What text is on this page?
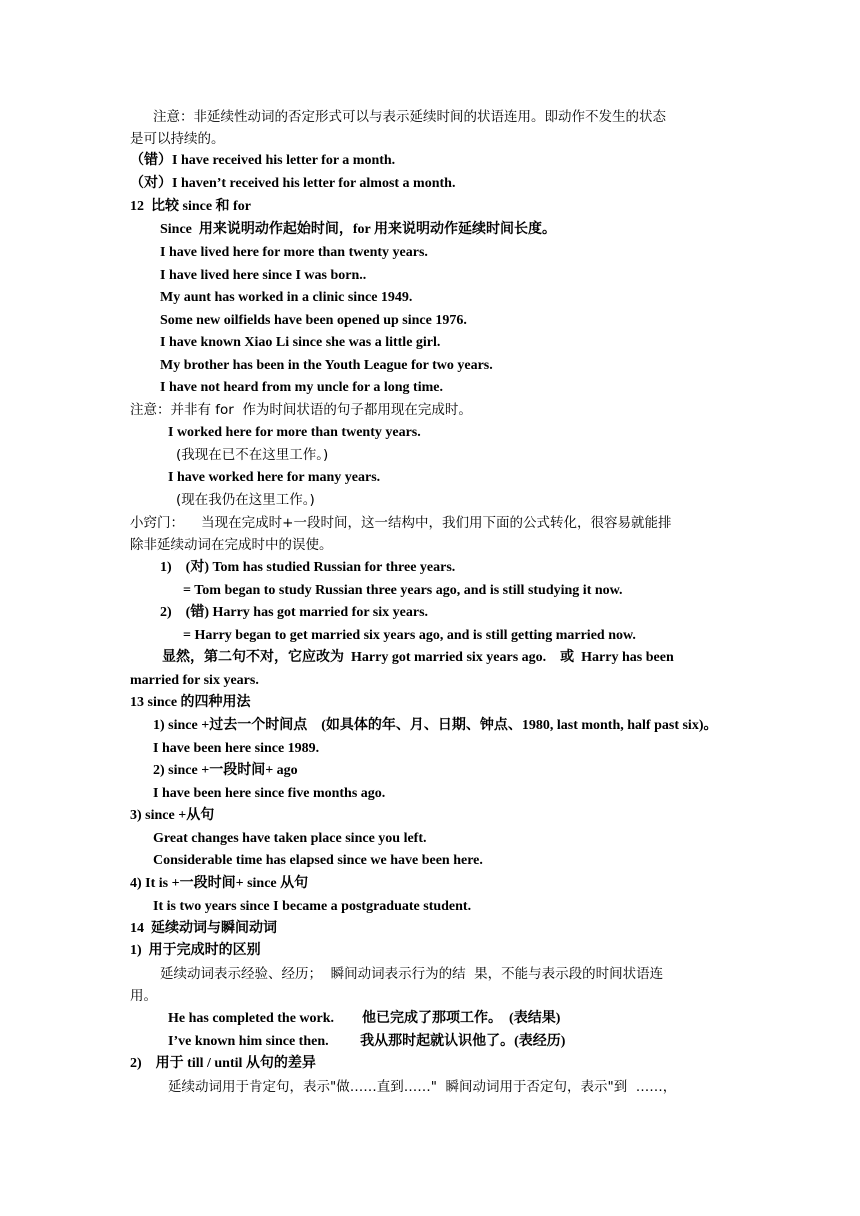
注意：非延续性动词的否定形式可以与表示延续时间的状语连用。即动作不发生的状态
是可以持续的。
（错）I have received his letter for a month.
（对）I haven’t received his letter for almost a month.
12  比较 since 和 for
Since  用来说明动作起始时间，for 用来说明动作延续时间长度。
I have lived here for more than twenty years.
I have lived here since I was born..
My aunt has worked in a clinic since 1949.
Some new oilfields have been opened up since 1976.
I have known Xiao Li since she was a little girl.
My brother has been in the Youth League for two years.
I have not heard from my uncle for a long time.
注意：并非有 for  作为时间状语的句子都用现在完成时。
I worked here for more than twenty years.
(我现在已不在这里工作。)
I have worked here for many years.
(现在我仍在这里工作。)
小窍门：    当现在完成时+一段时间，这一结构中，我们用下面的公式转化，很容易就能排
除非延续动词在完成时中的误使。
1)    (对) Tom has studied Russian for three years.
= Tom began to study Russian three years ago, and is still studying it now.
2)    (错) Harry has got married for six years.
= Harry began to get married six years ago, and is still getting married now.
显然，第二句不对，它应改为  Harry got married six years ago.    或  Harry has been
married for six years.
13 since 的四种用法
1) since +过去一个时间点    (如具体的年、月、日期、钟点、1980, last month, half past six)。
I have been here since 1989.
2) since +一段时间+ ago
I have been here since five months ago.
3) since +从句
Great changes have taken place since you left.
Considerable time has elapsed since we have been here.
4) It is +一段时间+ since 从句
It is two years since I became a postgraduate student.
14  延续动词与瞬间动词
1)  用于完成时的区别
延续动词表示经验、经历；  瞬间动词表示行为的结  果，不能与表示段的时间状语连
用。
He has completed the work.        他已完成了那项工作。  (表结果)
I’ve known him since then.         我从那时起就认识他了。(表经历)
2)    用于 till / until 从句的差异
延续动词用于肯定句，表示"做……直到……"  瞬间动词用于否定句，表示"到  ……，
